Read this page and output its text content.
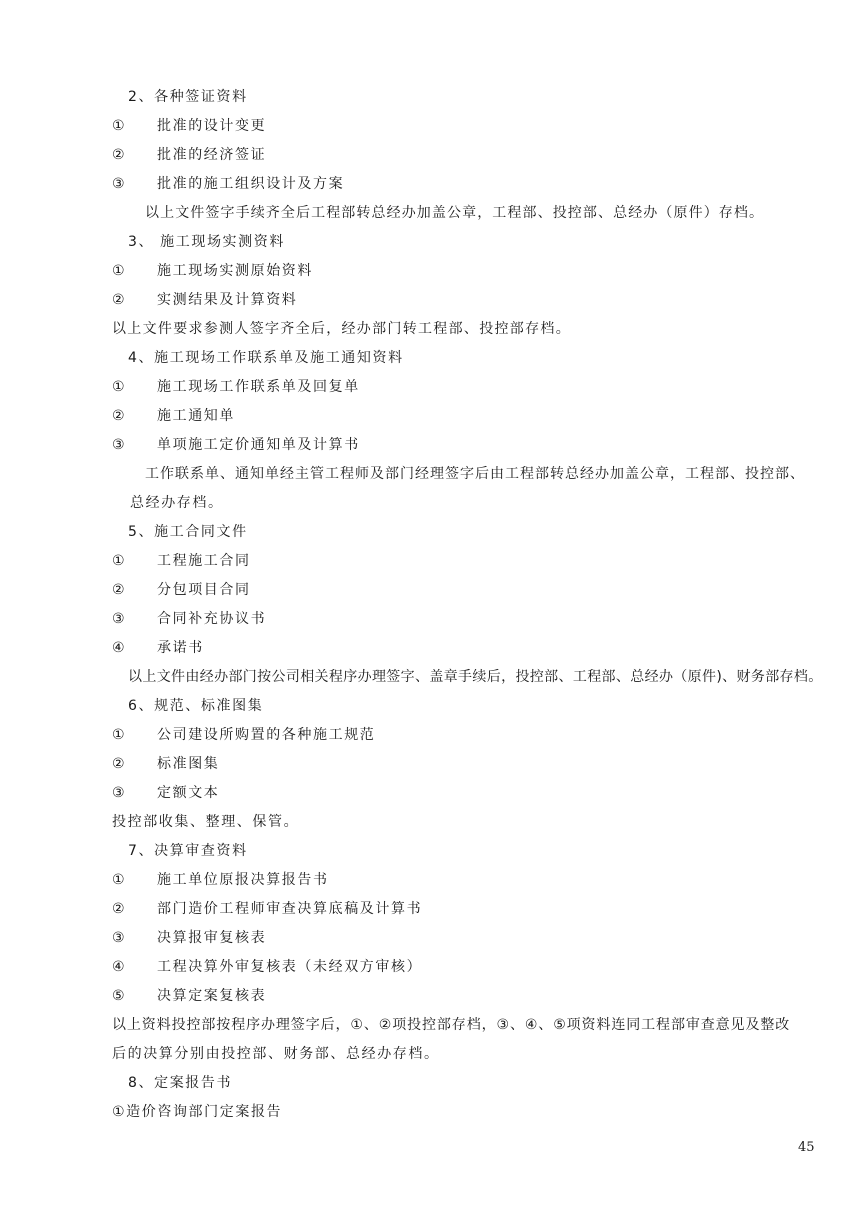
2、各种签证资料
① 批准的设计变更
② 批准的经济签证
③ 批准的施工组织设计及方案
以上文件签字手续齐全后工程部转总经办加盖公章，工程部、投控部、总经办（原件）存档。
3、 施工现场实测资料
① 施工现场实测原始资料
② 实测结果及计算资料
以上文件要求参测人签字齐全后，经办部门转工程部、投控部存档。
4、施工现场工作联系单及施工通知资料
① 施工现场工作联系单及回复单
② 施工通知单
③ 单项施工定价通知单及计算书
工作联系单、通知单经主管工程师及部门经理签字后由工程部转总经办加盖公章，工程部、投控部、
总经办存档。
5、施工合同文件
① 工程施工合同
② 分包项目合同
③ 合同补充协议书
④ 承诺书
以上文件由经办部门按公司相关程序办理签字、盖章手续后，投控部、工程部、总经办（原件)、财务部存档。
6、规范、标准图集
① 公司建设所购置的各种施工规范
② 标准图集
③ 定额文本
投控部收集、整理、保管。
7、决算审查资料
① 施工单位原报决算报告书
② 部门造价工程师审查决算底稿及计算书
③ 决算报审复核表
④ 工程决算外审复核表（未经双方审核）
⑤ 决算定案复核表
以上资料投控部按程序办理签字后，①、②项投控部存档，③、④、⑤项资料连同工程部审查意见及整改
后的决算分别由投控部、财务部、总经办存档。
8、定案报告书
①造价咨询部门定案报告
45
